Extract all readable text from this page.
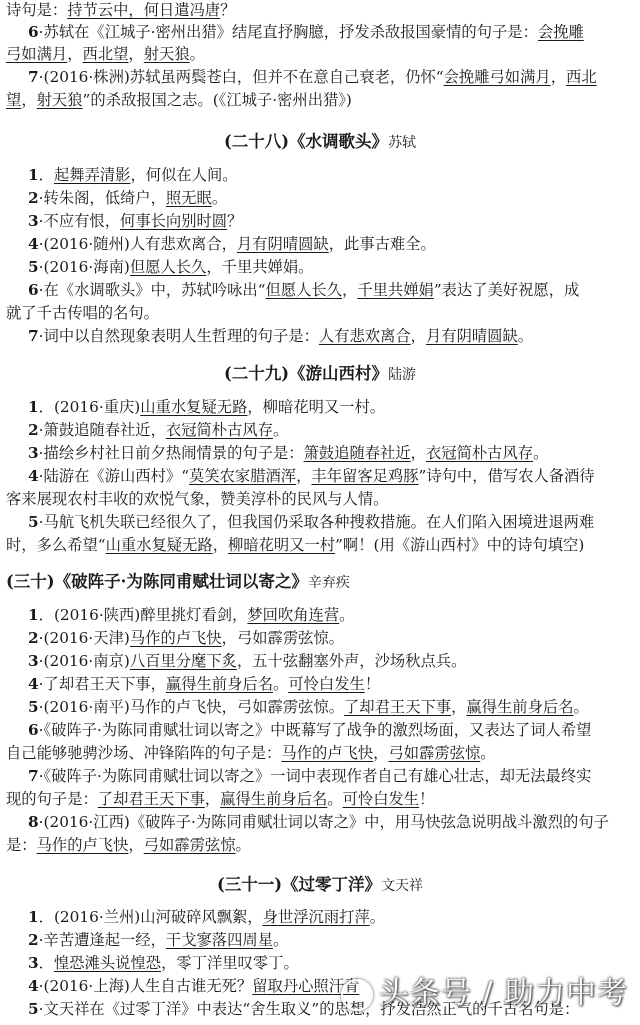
诗句是：持节云中，何日遣冯唐？
6·苏轼在《江城子·密州出猎》结尾直抒胸臆，抒发杀敌报国豪情的句子是：会挽雕
弓如满月，西北望，射天狼。
7·(2016·株洲)苏轼虽两鬓苍白，但并不在意自己衰老，仍怀“会挽雕弓如满月，西北
望，射天狼”的杀敌报国之志。(《江城子·密州出猎》)
(二十八)《水调歌头》苏轼
1．起舞弄清影，何似在人间。
2·转朱阁，低绮户，照无眠。
3·不应有恨，何事长向别时圆？
4·(2016·随州)人有悲欢离合，月有阴晴圆缺，此事古难全。
5·(2016·海南)但愿人长久，千里共婵娟。
6·在《水调歌头》中，苏轼吟咏出“但愿人长久，千里共婵娟”表达了美好祝愿，成
就了千古传唱的名句。
7·词中以自然现象表明人生哲理的句子是：人有悲欢离合，月有阴晴圆缺。
(二十九)《游山西村》陆游
1．(2016·重庆)山重水复疑无路，柳暗花明又一村。
2·箫鼓追随春社近，衣冠简朴古风存。
3·描绘乡村社日前夕热闹情景的句子是：箫鼓追随春社近，衣冠简朴古风存。
4·陆游在《游山西村》“莫笑农家腊酒浑，丰年留客足鸡豚”诗句中，借写农人备酒待
客来展现农村丰收的欢悦气象，赞美淳朴的民风与人情。
5·马航飞机失联已经很久了，但我国仍采取各种搜救措施。在人们陷入困境进退两难
时，多么希望“山重水复疑无路，柳暗花明又一村”啊！(用《游山西村》中的诗句填空)
(三十)《破阵子·为陈同甫赋壮词以寄之》辛弃疾
1．(2016·陕西)醉里挑灯看剑，梦回吹角连营。
2·(2016·天津)马作的卢飞快，弓如霹雳弦惊。
3·(2016·南京)八百里分麾下炙，五十弦翻塞外声，沙场秋点兵。
4·了却君王天下事，赢得生前身后名。可怜白发生！
5·(2016·南平)马作的卢飞快，弓如霹雳弦惊。了却君王天下事，赢得生前身后名。
6·《破阵子·为陈同甫赋壮词以寄之》中既幕写了战争的激烈场面，又表达了词人希望
自己能够驰骋沙场、冲锋陷阵的句子是：马作的卢飞快，弓如霹雳弦惊。
7·《破阵子·为陈同甫赋壮词以寄之》一词中表现作者自己有雄心壮志，却无法最终实
现的句子是：了却君王天下事，赢得生前身后名。可怜白发生！
8·(2016·江西)《破阵子·为陈同甫赋壮词以寄之》中，用马快弦急说明战斗激烈的句子
是：马作的卢飞快，弓如霹雳弦惊。
(三十一)《过零丁洋》文天祥
1．(2016·兰州)山河破碎风飘絮，身世浮沉雨打萍。
2·辛苦遭逢起一经，干戈寥落四周星。
3．惶恐滩头说惶恐，零丁洋里叹零丁。
4·(2016·上海)人生自古谁无死？留取丹心照汗青
5·文天祥在《过零丁洋》中表达“舍生取义”的思想，抒发浩然正气的千古名句是：
头条号 / 助力中考
